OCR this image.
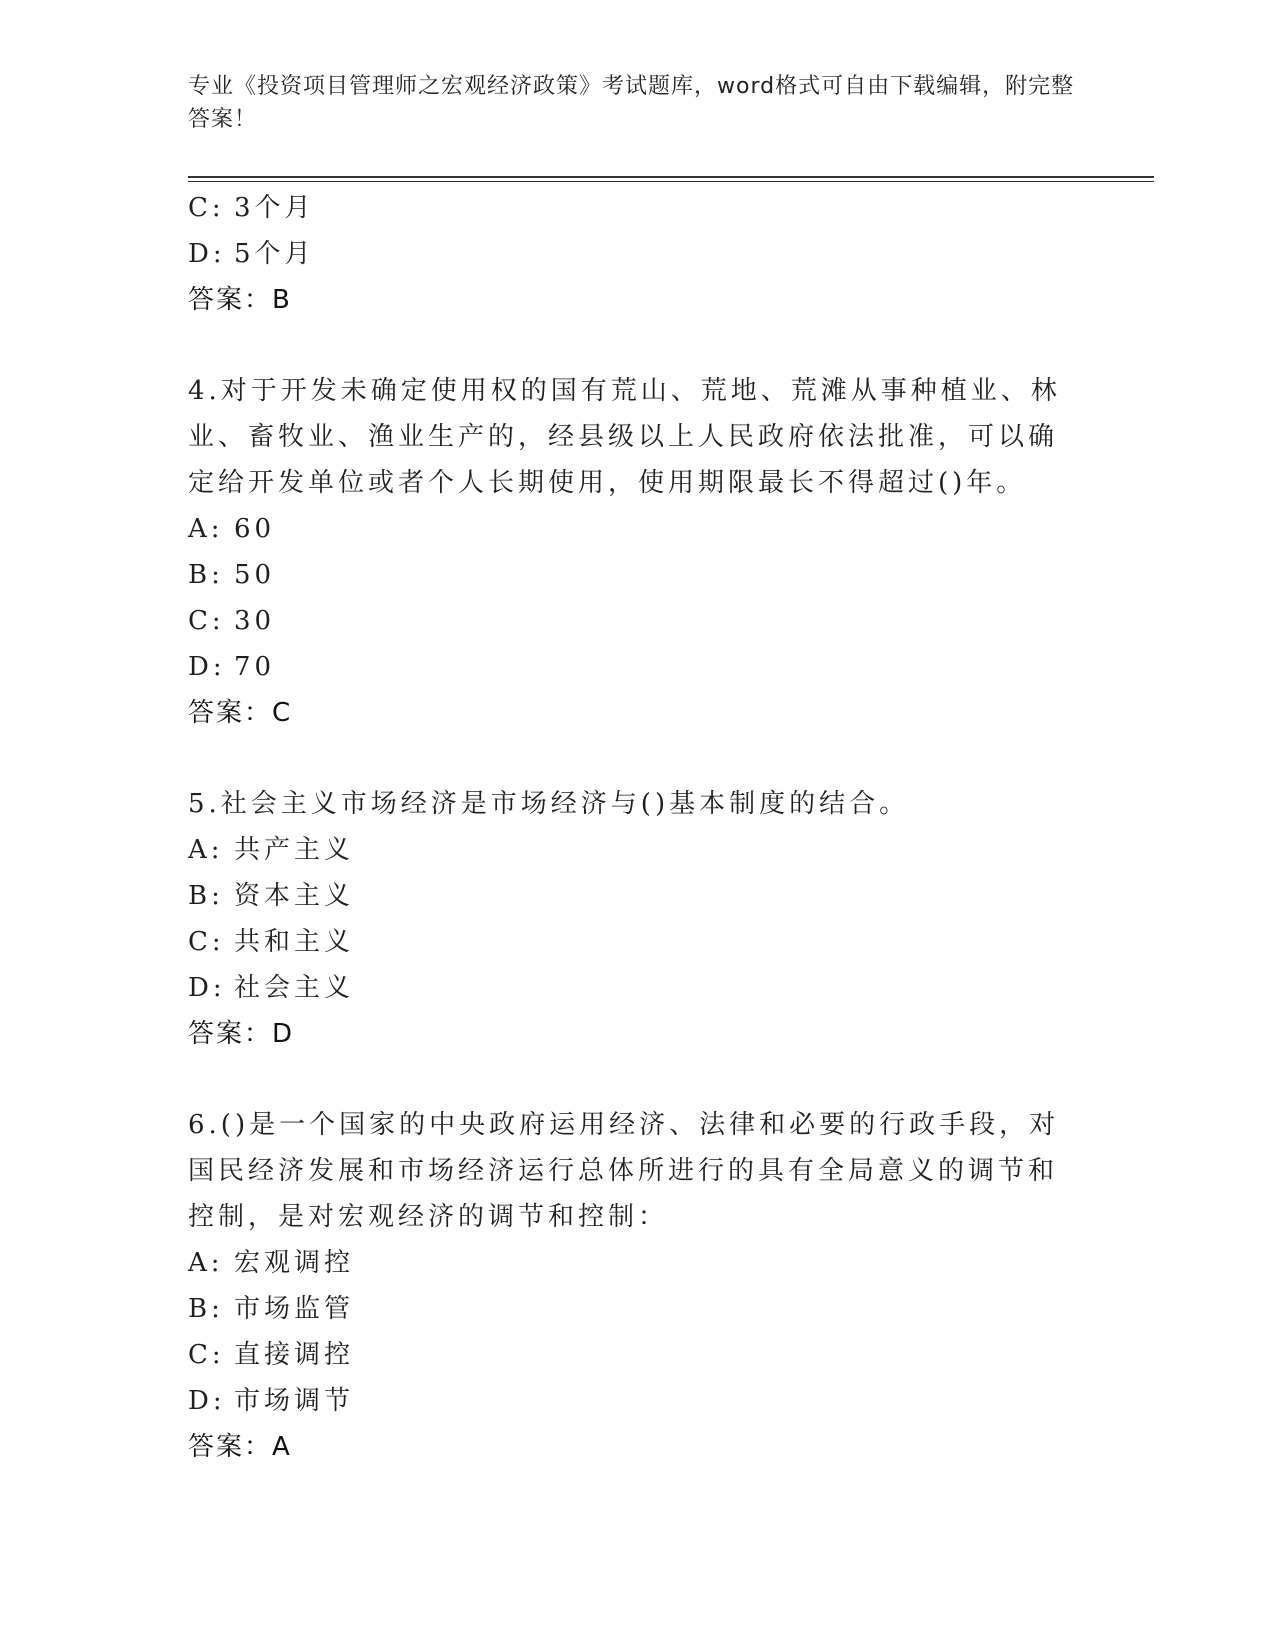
专业《投资项目管理师之宏观经济政策》考试题库，word格式可自由下载编辑，附完整答案！
C: 3个月
D: 5个月
答案：B
4.对于开发未确定使用权的国有荒山、荒地、荒滩从事种植业、林业、畜牧业、渔业生产的，经县级以上人民政府依法批准，可以确定给开发单位或者个人长期使用，使用期限最长不得超过()年。
A: 60
B: 50
C: 30
D: 70
答案：C
5.社会主义市场经济是市场经济与()基本制度的结合。
A: 共产主义
B: 资本主义
C: 共和主义
D: 社会主义
答案：D
6.()是一个国家的中央政府运用经济、法律和必要的行政手段，对国民经济发展和市场经济运行总体所进行的具有全局意义的调节和控制，是对宏观经济的调节和控制：
A: 宏观调控
B: 市场监管
C: 直接调控
D: 市场调节
答案：A
